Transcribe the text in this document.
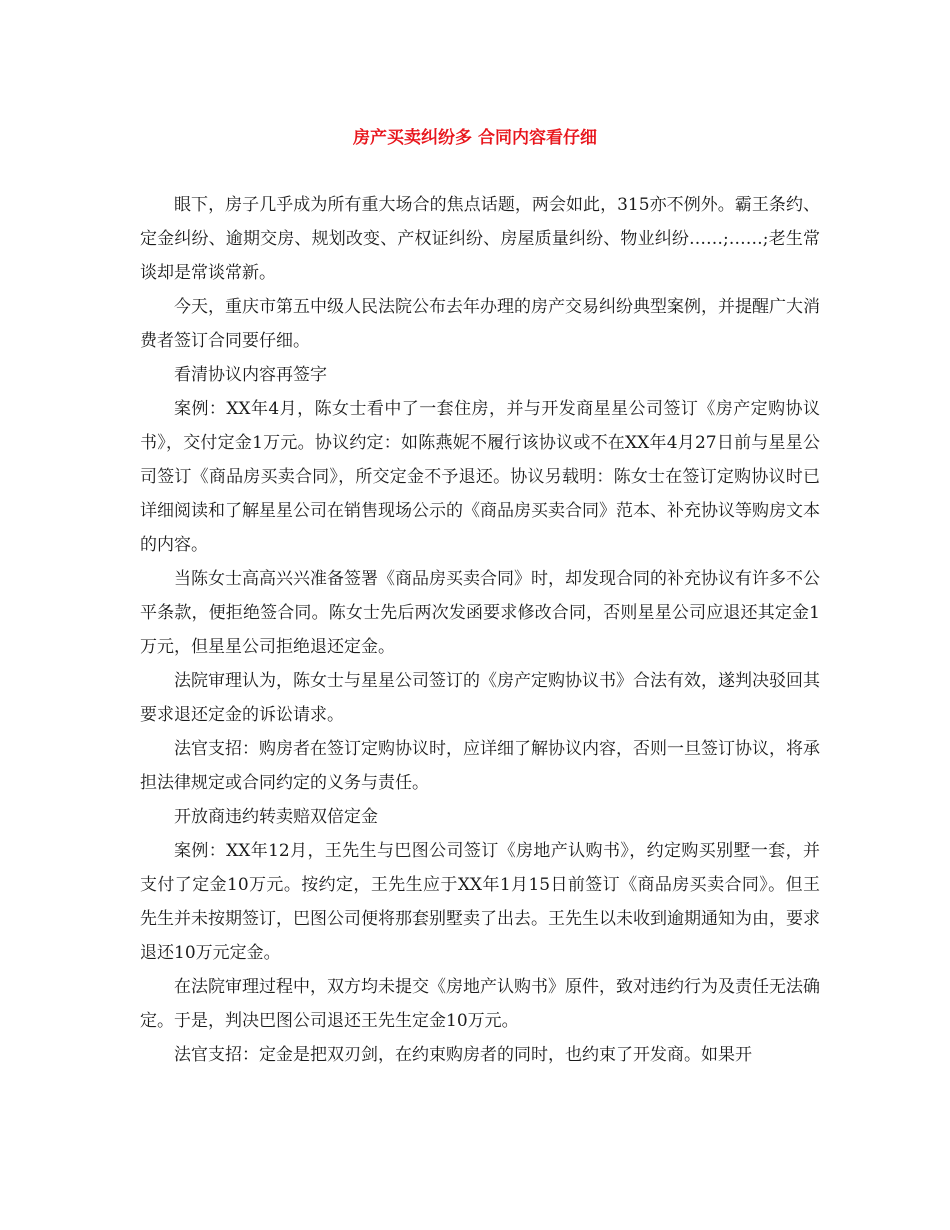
房产买卖纠纷多 合同内容看仔细

眼下，房子几乎成为所有重大场合的焦点话题，两会如此，315亦不例外。霸王条约、定金纠纷、逾期交房、规划改变、产权证纠纷、房屋质量纠纷、物业纠纷……;……;老生常谈却是常谈常新。

今天，重庆市第五中级人民法院公布去年办理的房产交易纠纷典型案例，并提醒广大消费者签订合同要仔细。

看清协议内容再签字

案例：XX年4月，陈女士看中了一套住房，并与开发商星星公司签订《房产定购协议书》，交付定金1万元。协议约定：如陈燕妮不履行该协议或不在XX年4月27日前与星星公司签订《商品房买卖合同》，所交定金不予退还。协议另载明：陈女士在签订定购协议时已详细阅读和了解星星公司在销售现场公示的《商品房买卖合同》范本、补充协议等购房文本的内容。

当陈女士高高兴兴准备签署《商品房买卖合同》时，却发现合同的补充协议有许多不公平条款，便拒绝签合同。陈女士先后两次发函要求修改合同，否则星星公司应退还其定金1万元，但星星公司拒绝退还定金。

法院审理认为，陈女士与星星公司签订的《房产定购协议书》合法有效，遂判决驳回其要求退还定金的诉讼请求。

法官支招：购房者在签订定购协议时，应详细了解协议内容，否则一旦签订协议，将承担法律规定或合同约定的义务与责任。

开放商违约转卖赔双倍定金

案例：XX年12月，王先生与巴图公司签订《房地产认购书》，约定购买别墅一套，并支付了定金10万元。按约定，王先生应于XX年1月15日前签订《商品房买卖合同》。但王先生并未按期签订，巴图公司便将那套别墅卖了出去。王先生以未收到逾期通知为由，要求退还10万元定金。

在法院审理过程中，双方均未提交《房地产认购书》原件，致对违约行为及责任无法确定。于是，判决巴图公司退还王先生定金10万元。

法官支招：定金是把双刃剑，在约束购房者的同时，也约束了开发商。如果开
